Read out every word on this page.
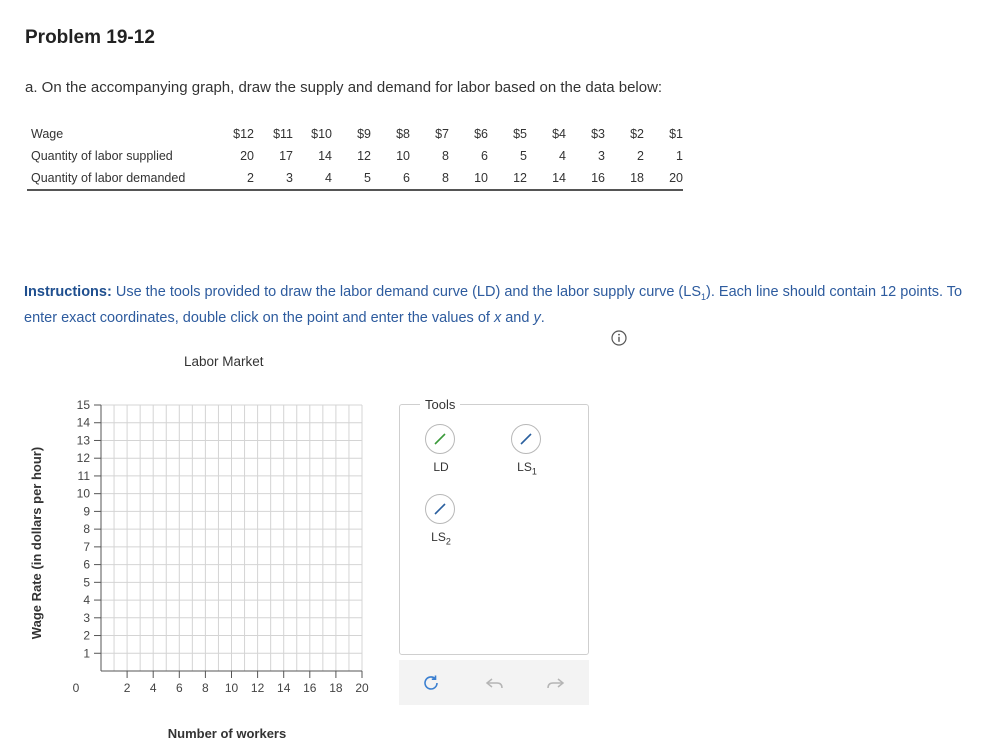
Problem 19-12
a. On the accompanying graph, draw the supply and demand for labor based on the data below:
Wage	$12	$11	$10	$9	$8	$7	$6	$5	$4	$3	$2	$1
Quantity of labor supplied	20	17	14	12	10	8	6	5	4	3	2	1
Quantity of labor demanded	2	3	4	5	6	8	10	12	14	16	18	20
Instructions: Use the tools provided to draw the labor demand curve (LD) and the labor supply curve $(LS_1)$. Each line should contain 12 points. To enter exact coordinates, double click on the point and enter the values of x and y.
Labor Market
1
2
3
4
5
6
7
8
9
10
11
12
13
14
15
2 4 6 8 10 12 14 16 18 20
Wage Rate (in dollars per hour)
Number of workers
0
Tools
LD	$LS_1$
$LS_2$
